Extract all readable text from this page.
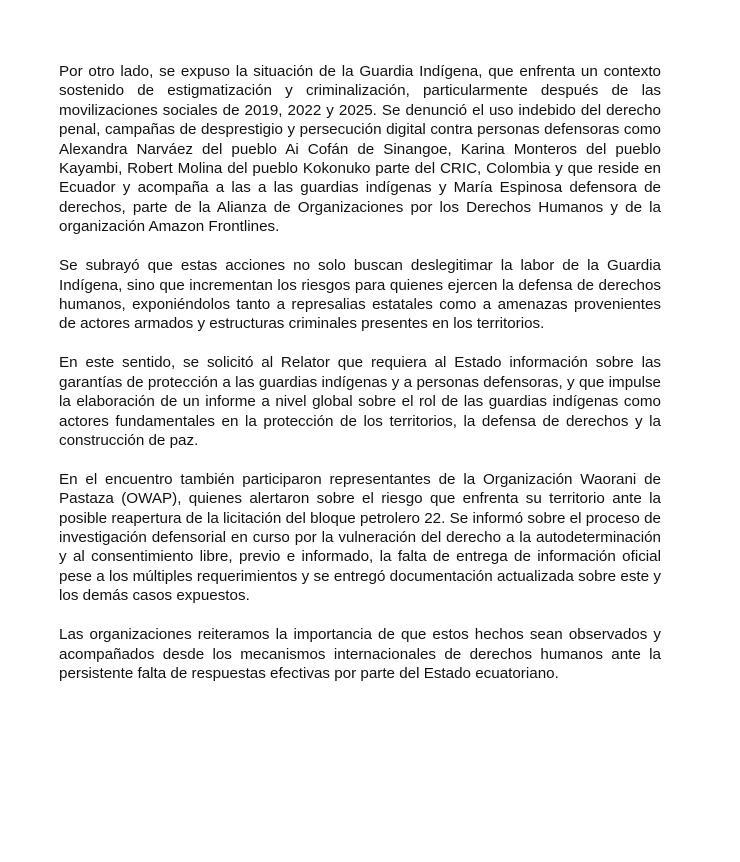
Por otro lado, se expuso la situación de la Guardia Indígena, que enfrenta un contexto sostenido de estigmatización y criminalización, particularmente después de las movilizaciones sociales de 2019, 2022 y 2025. Se denunció el uso indebido del derecho penal, campañas de desprestigio y persecución digital contra personas defensoras como Alexandra Narváez del pueblo Ai Cofán de Sinangoe, Karina Monteros del pueblo Kayambi, Robert Molina del pueblo Kokonuko parte del CRIC, Colombia y que reside en Ecuador y acompaña a las a las guardias indígenas y María Espinosa defensora de derechos, parte de la Alianza de Organizaciones por los Derechos Humanos y de la organización Amazon Frontlines.

Se subrayó que estas acciones no solo buscan deslegitimar la labor de la Guardia Indígena, sino que incrementan los riesgos para quienes ejercen la defensa de derechos humanos, exponiéndolos tanto a represalias estatales como a amenazas provenientes de actores armados y estructuras criminales presentes en los territorios.

En este sentido, se solicitó al Relator que requiera al Estado información sobre las garantías de protección a las guardias indígenas y a personas defensoras, y que impulse la elaboración de un informe a nivel global sobre el rol de las guardias indígenas como actores fundamentales en la protección de los territorios, la defensa de derechos y la construcción de paz.

En el encuentro también participaron representantes de la Organización Waorani de Pastaza (OWAP), quienes alertaron sobre el riesgo que enfrenta su territorio ante la posible reapertura de la licitación del bloque petrolero 22. Se informó sobre el proceso de investigación defensorial en curso por la vulneración del derecho a la autodeterminación y al consentimiento libre, previo e informado, la falta de entrega de información oficial pese a los múltiples requerimientos y se entregó documentación actualizada sobre este y los demás casos expuestos.

Las organizaciones reiteramos la importancia de que estos hechos sean observados y acompañados desde los mecanismos internacionales de derechos humanos ante la persistente falta de respuestas efectivas por parte del Estado ecuatoriano.
